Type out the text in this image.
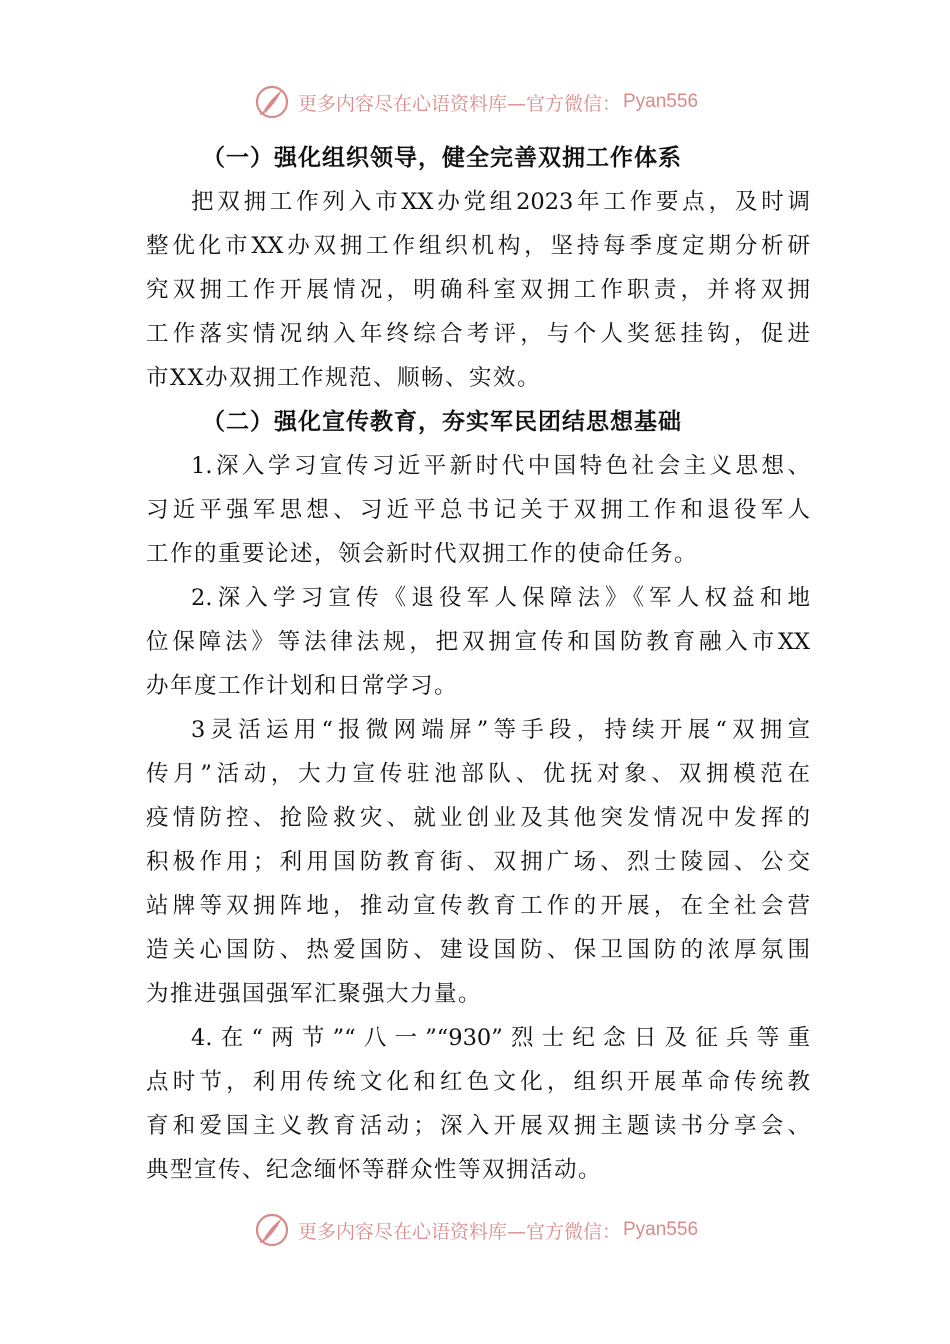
更多内容尽在心语资料库—官方微信： Pyan556
（一）强化组织领导，健全完善双拥工作体系
把双拥工作列入市XX办党组2023年工作要点，及时调
整优化市XX办双拥工作组织机构，坚持每季度定期分析研
究双拥工作开展情况，明确科室双拥工作职责，并将双拥
工作落实情况纳入年终综合考评，与个人奖惩挂钩，促进
市XX办双拥工作规范、顺畅、实效。
（二）强化宣传教育，夯实军民团结思想基础
1.深入学习宣传习近平新时代中国特色社会主义思想、
习近平强军思想、习近平总书记关于双拥工作和退役军人
工作的重要论述，领会新时代双拥工作的使命任务。
2.深入学习宣传《退役军人保障法》《军人权益和地
位保障法》等法律法规，把双拥宣传和国防教育融入市XX
办年度工作计划和日常学习。
3灵活运用“报微网端屏”等手段，持续开展“双拥宣
传月”活动，大力宣传驻池部队、优抚对象、双拥模范在
疫情防控、抢险救灾、就业创业及其他突发情况中发挥的
积极作用；利用国防教育街、双拥广场、烈士陵园、公交
站牌等双拥阵地，推动宣传教育工作的开展，在全社会营
造关心国防、热爱国防、建设国防、保卫国防的浓厚氛围
为推进强国强军汇聚强大力量。
4.在“两节”“八一”“930”烈士纪念日及征兵等重
点时节，利用传统文化和红色文化，组织开展革命传统教
育和爱国主义教育活动；深入开展双拥主题读书分享会、
典型宣传、纪念缅怀等群众性等双拥活动。
更多内容尽在心语资料库—官方微信： Pyan556
